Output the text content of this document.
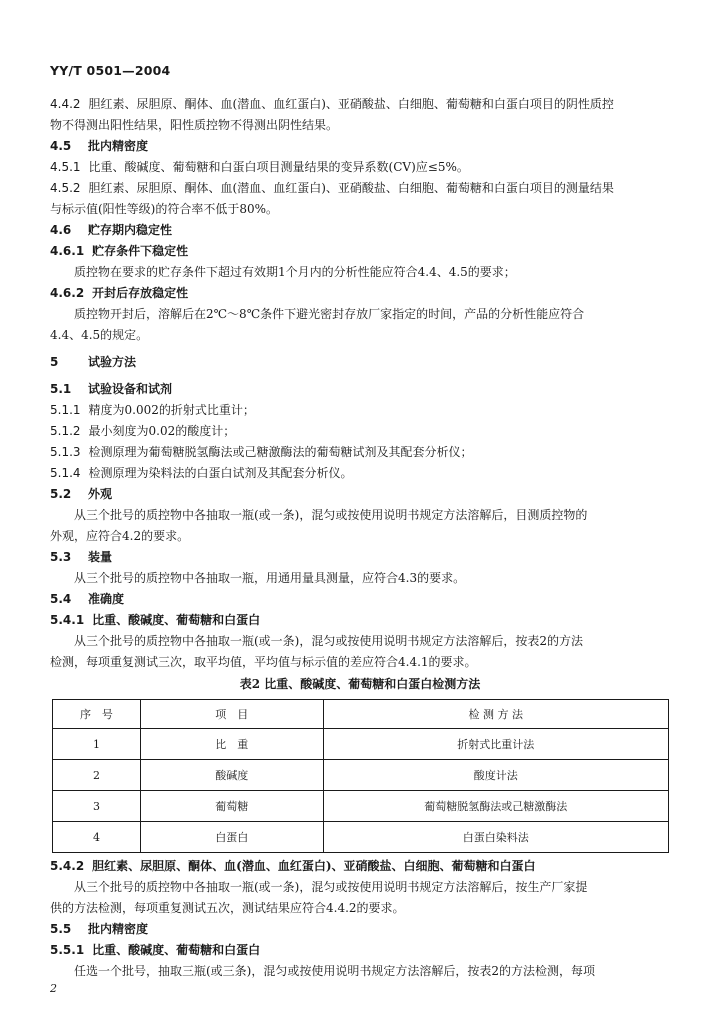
YY/T 0501—2004

4.4.2 胆红素、尿胆原、酮体、血(潜血、血红蛋白)、亚硝酸盐、白细胞、葡萄糖和白蛋白项目的阴性质控

物不得测出阳性结果，阳性质控物不得测出阴性结果。

4.5 批内精密度

4.5.1 比重、酸碱度、葡萄糖和白蛋白项目测量结果的变异系数(CV)应≤5%。

4.5.2 胆红素、尿胆原、酮体、血(潜血、血红蛋白)、亚硝酸盐、白细胞、葡萄糖和白蛋白项目的测量结果

与标示值(阳性等级)的符合率不低于80%。

4.6 贮存期内稳定性

4.6.1 贮存条件下稳定性

质控物在要求的贮存条件下超过有效期1个月内的分析性能应符合4.4、4.5的要求；

4.6.2 开封后存放稳定性

质控物开封后，溶解后在2℃～8℃条件下避光密封存放厂家指定的时间，产品的分析性能应符合

4.4、4.5的规定。

5 试验方法

5.1 试验设备和试剂

5.1.1 精度为0.002的折射式比重计；

5.1.2 最小刻度为0.02的酸度计；

5.1.3 检测原理为葡萄糖脱氢酶法或己糖激酶法的葡萄糖试剂及其配套分析仪；

5.1.4 检测原理为染料法的白蛋白试剂及其配套分析仪。

5.2 外观

从三个批号的质控物中各抽取一瓶(或一条)，混匀或按使用说明书规定方法溶解后，目测质控物的

外观，应符合4.2的要求。

5.3 装量

从三个批号的质控物中各抽取一瓶，用通用量具测量，应符合4.3的要求。

5.4 准确度

5.4.1 比重、酸碱度、葡萄糖和白蛋白

从三个批号的质控物中各抽取一瓶(或一条)，混匀或按使用说明书规定方法溶解后，按表2的方法

检测，每项重复测试三次，取平均值，平均值与标示值的差应符合4.4.1的要求。

表2 比重、酸碱度、葡萄糖和白蛋白检测方法

序　号	项　目	检 测 方 法
1	比　重	折射式比重计法
2	酸碱度	酸度计法
3	葡萄糖	葡萄糖脱氢酶法或己糖激酶法
4	白蛋白	白蛋白染料法

5.4.2 胆红素、尿胆原、酮体、血(潜血、血红蛋白)、亚硝酸盐、白细胞、葡萄糖和白蛋白

从三个批号的质控物中各抽取一瓶(或一条)，混匀或按使用说明书规定方法溶解后，按生产厂家提

供的方法检测，每项重复测试五次，测试结果应符合4.4.2的要求。

5.5 批内精密度

5.5.1 比重、酸碱度、葡萄糖和白蛋白

任选一个批号，抽取三瓶(或三条)，混匀或按使用说明书规定方法溶解后，按表2的方法检测，每项

2
